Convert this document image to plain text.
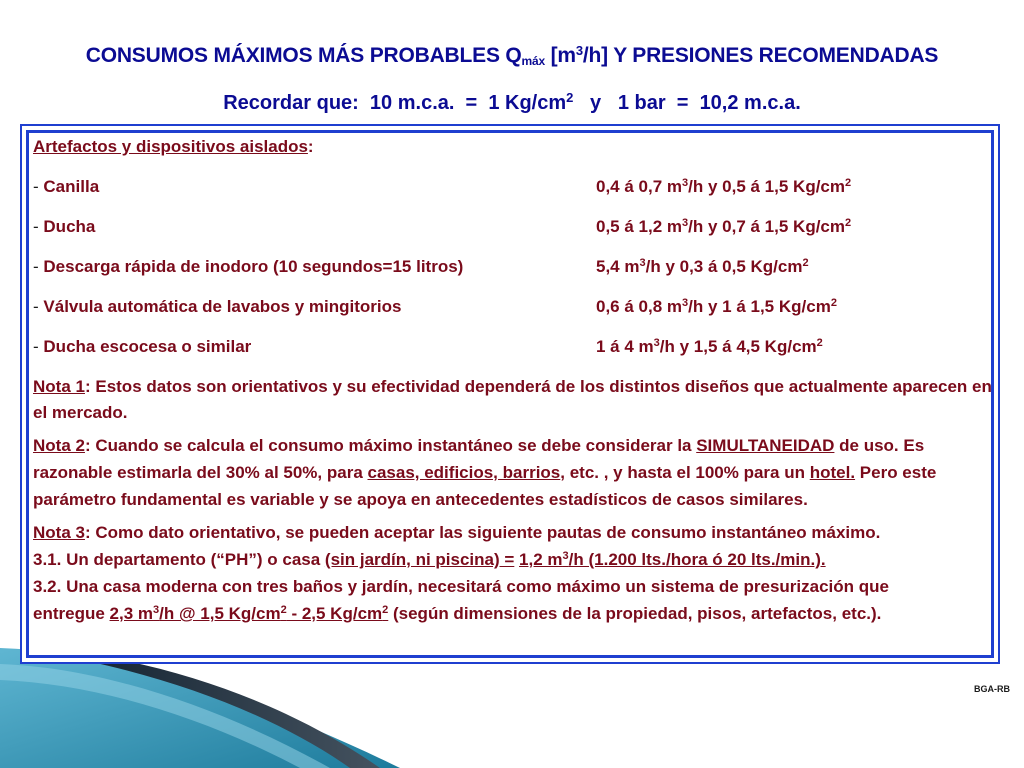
CONSUMOS MÁXIMOS MÁS PROBABLES $Q_{máx}$ $[m^3/h]$ Y PRESIONES RECOMENDADAS
Recordar que:  10 m.c.a.  =  1 $Kg/cm^2$   y   1 bar  =  10,2 m.c.a.
Artefactos y dispositivos aislados:
- Canilla	0,4 á 0,7 $m^3/h$ y 0,5 á 1,5 $Kg/cm^2$
- Ducha	0,5 á 1,2 $m^3/h$ y 0,7 á 1,5 $Kg/cm^2$
- Descarga rápida de inodoro (10 segundos=15 litros)	5,4 $m^3/h$ y 0,3 á 0,5 $Kg/cm^2$
- Válvula automática de lavabos y mingitorios	0,6 á 0,8 $m^3/h$ y 1 á 1,5 $Kg/cm^2$
- Ducha escocesa o similar	1 á 4 $m^3/h$ y 1,5 á 4,5 $Kg/cm^2$
Nota 1: Estos datos son orientativos y su efectividad dependerá de los distintos diseños que actualmente aparecen en el mercado.
Nota 2: Cuando se calcula el consumo máximo instantáneo se debe considerar la SIMULTANEIDAD de uso. Es razonable estimarla del 30% al 50%, para casas, edificios, barrios, etc. , y hasta el 100% para un hotel. Pero este parámetro fundamental es variable y se apoya en antecedentes estadísticos de casos similares.
Nota 3: Como dato orientativo, se pueden aceptar las siguiente pautas de consumo instantáneo máximo.
3.1. Un departamento (“PH”) o casa (sin jardín, ni piscina) = 1,2 $m^3/h$ (1.200 lts./hora ó 20 lts./min.).
3.2. Una casa moderna con tres baños y jardín, necesitará como máximo un sistema de presurización que
entregue 2,3 $m^3/h$ @ 1,5 $Kg/cm^2 - 2,5$ $Kg/cm^2$ (según dimensiones de la propiedad, pisos, artefactos, etc.).
BGA-RB
